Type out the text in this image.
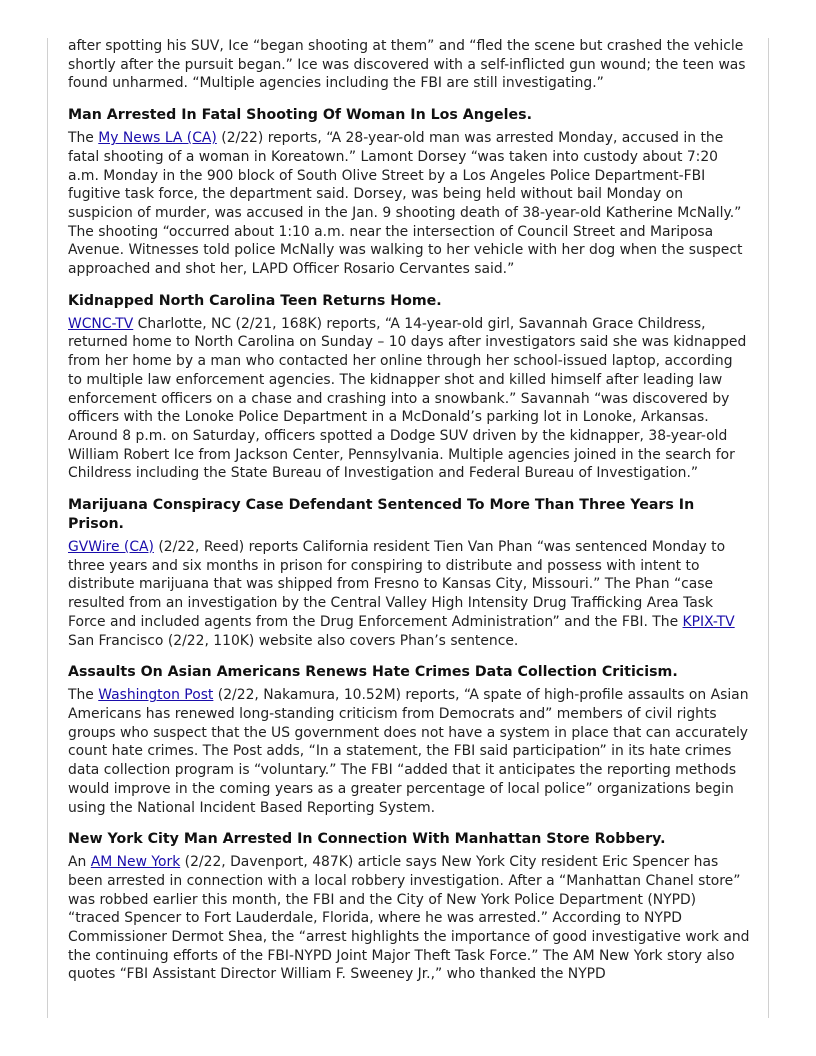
after spotting his SUV, Ice “began shooting at them” and “fled the scene but crashed the vehicle shortly after the pursuit began.” Ice was discovered with a self-inflicted gun wound; the teen was found unharmed. “Multiple agencies including the FBI are still investigating.”

Man Arrested In Fatal Shooting Of Woman In Los Angeles.

The My News LA (CA) (2/22) reports, “A 28-year-old man was arrested Monday, accused in the fatal shooting of a woman in Koreatown.” Lamont Dorsey “was taken into custody about 7:20 a.m. Monday in the 900 block of South Olive Street by a Los Angeles Police Department-FBI fugitive task force, the department said. Dorsey, was being held without bail Monday on suspicion of murder, was accused in the Jan. 9 shooting death of 38-year-old Katherine McNally.” The shooting “occurred about 1:10 a.m. near the intersection of Council Street and Mariposa Avenue. Witnesses told police McNally was walking to her vehicle with her dog when the suspect approached and shot her, LAPD Officer Rosario Cervantes said.”

Kidnapped North Carolina Teen Returns Home.

WCNC-TV Charlotte, NC (2/21, 168K) reports, “A 14-year-old girl, Savannah Grace Childress, returned home to North Carolina on Sunday – 10 days after investigators said she was kidnapped from her home by a man who contacted her online through her school-issued laptop, according to multiple law enforcement agencies. The kidnapper shot and killed himself after leading law enforcement officers on a chase and crashing into a snowbank.” Savannah “was discovered by officers with the Lonoke Police Department in a McDonald’s parking lot in Lonoke, Arkansas. Around 8 p.m. on Saturday, officers spotted a Dodge SUV driven by the kidnapper, 38-year-old William Robert Ice from Jackson Center, Pennsylvania. Multiple agencies joined in the search for Childress including the State Bureau of Investigation and Federal Bureau of Investigation.”

Marijuana Conspiracy Case Defendant Sentenced To More Than Three Years In Prison.

GVWire (CA) (2/22, Reed) reports California resident Tien Van Phan “was sentenced Monday to three years and six months in prison for conspiring to distribute and possess with intent to distribute marijuana that was shipped from Fresno to Kansas City, Missouri.” The Phan “case resulted from an investigation by the Central Valley High Intensity Drug Trafficking Area Task Force and included agents from the Drug Enforcement Administration” and the FBI. The KPIX-TV San Francisco (2/22, 110K) website also covers Phan’s sentence.

Assaults On Asian Americans Renews Hate Crimes Data Collection Criticism.

The Washington Post (2/22, Nakamura, 10.52M) reports, “A spate of high-profile assaults on Asian Americans has renewed long-standing criticism from Democrats and” members of civil rights groups who suspect that the US government does not have a system in place that can accurately count hate crimes. The Post adds, “In a statement, the FBI said participation” in its hate crimes data collection program is “voluntary.” The FBI “added that it anticipates the reporting methods would improve in the coming years as a greater percentage of local police” organizations begin using the National Incident Based Reporting System.

New York City Man Arrested In Connection With Manhattan Store Robbery.

An AM New York (2/22, Davenport, 487K) article says New York City resident Eric Spencer has been arrested in connection with a local robbery investigation. After a “Manhattan Chanel store” was robbed earlier this month, the FBI and the City of New York Police Department (NYPD) “traced Spencer to Fort Lauderdale, Florida, where he was arrested.” According to NYPD Commissioner Dermot Shea, the “arrest highlights the importance of good investigative work and the continuing efforts of the FBI-NYPD Joint Major Theft Task Force.” The AM New York story also quotes “FBI Assistant Director William F. Sweeney Jr.,” who thanked the NYPD
